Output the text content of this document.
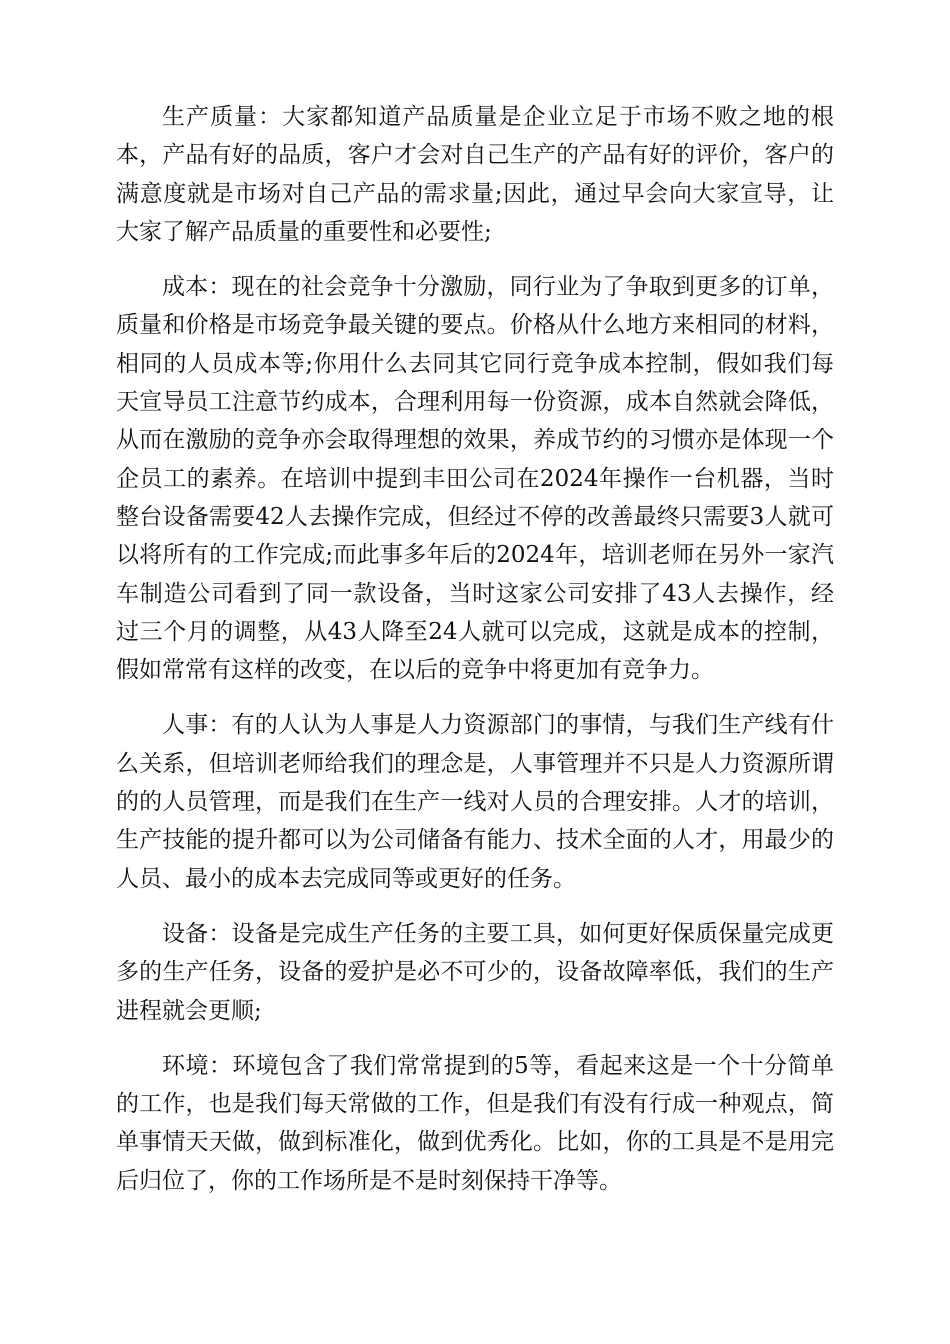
生产质量：大家都知道产品质量是企业立足于市场不败之地的根本，产品有好的品质，客户才会对自己生产的产品有好的评价，客户的满意度就是市场对自己产品的需求量;因此，通过早会向大家宣导，让大家了解产品质量的重要性和必要性;

成本：现在的社会竞争十分激励，同行业为了争取到更多的订单，质量和价格是市场竞争最关键的要点。价格从什么地方来相同的材料，相同的人员成本等;你用什么去同其它同行竞争成本控制，假如我们每天宣导员工注意节约成本，合理利用每一份资源，成本自然就会降低，从而在激励的竞争亦会取得理想的效果，养成节约的习惯亦是体现一个企员工的素养。在培训中提到丰田公司在2024年操作一台机器，当时整台设备需要42人去操作完成，但经过不停的改善最终只需要3人就可以将所有的工作完成;而此事多年后的2024年，培训老师在另外一家汽车制造公司看到了同一款设备，当时这家公司安排了43人去操作，经过三个月的调整，从43人降至24人就可以完成，这就是成本的控制，假如常常有这样的改变，在以后的竞争中将更加有竞争力。

人事：有的人认为人事是人力资源部门的事情，与我们生产线有什么关系，但培训老师给我们的理念是，人事管理并不只是人力资源所谓的的人员管理，而是我们在生产一线对人员的合理安排。人才的培训，生产技能的提升都可以为公司储备有能力、技术全面的人才，用最少的人员、最小的成本去完成同等或更好的任务。

设备：设备是完成生产任务的主要工具，如何更好保质保量完成更多的生产任务，设备的爱护是必不可少的，设备故障率低，我们的生产进程就会更顺;

环境：环境包含了我们常常提到的5等，看起来这是一个十分简单的工作，也是我们每天常做的工作，但是我们有没有行成一种观点，简单事情天天做，做到标准化，做到优秀化。比如，你的工具是不是用完后归位了，你的工作场所是不是时刻保持干净等。
